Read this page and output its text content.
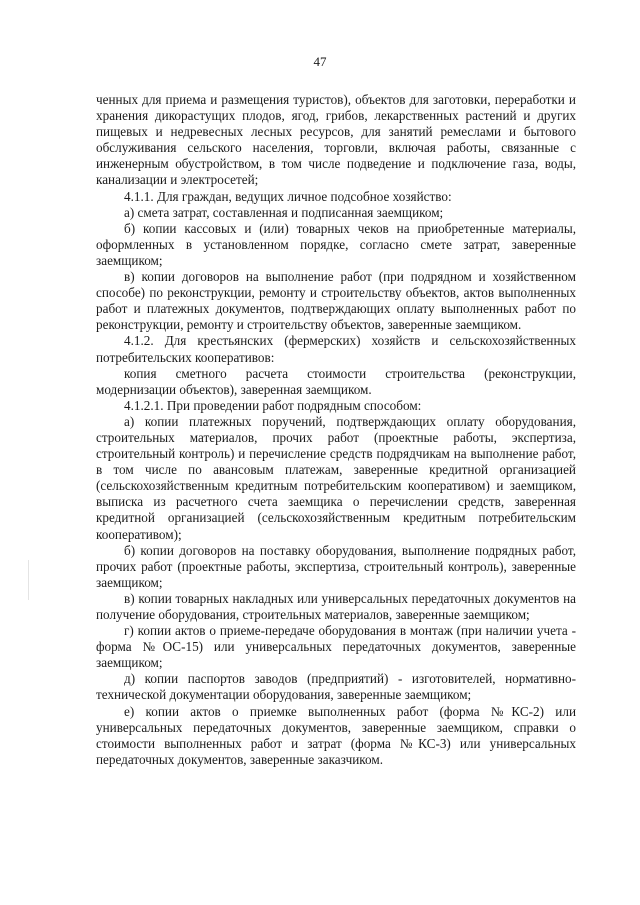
47

ченных для приема и размещения туристов), объектов для заготовки, переработки и хранения дикорастущих плодов, ягод, грибов, лекарственных растений и других пищевых и недревесных лесных ресурсов, для занятий ремеслами и бытового обслуживания сельского населения, торговли, включая работы, связанные с инженерным обустройством, в том числе подведение и подключение газа, воды, канализации и электросетей;

4.1.1. Для граждан, ведущих личное подсобное хозяйство:

а) смета затрат, составленная и подписанная заемщиком;

б) копии кассовых и (или) товарных чеков на приобретенные материалы, оформленных в установленном порядке, согласно смете затрат, заверенные заемщиком;

в) копии договоров на выполнение работ (при подрядном и хозяйственном способе) по реконструкции, ремонту и строительству объектов, актов выполненных работ и платежных документов, подтверждающих оплату выполненных работ по реконструкции, ремонту и строительству объектов, заверенные заемщиком.

4.1.2. Для крестьянских (фермерских) хозяйств и сельскохозяйственных потребительских кооперативов:

копия сметного расчета стоимости строительства (реконструкции, модернизации объектов), заверенная заемщиком.

4.1.2.1. При проведении работ подрядным способом:

а) копии платежных поручений, подтверждающих оплату оборудования, строительных материалов, прочих работ (проектные работы, экспертиза, строительный контроль) и перечисление средств подрядчикам на выполнение работ, в том числе по авансовым платежам, заверенные кредитной организацией (сельскохозяйственным кредитным потребительским кооперативом) и заемщиком, выписка из расчетного счета заемщика о перечислении средств, заверенная кредитной организацией (сельскохозяйственным кредитным потребительским кооперативом);

б) копии договоров на поставку оборудования, выполнение подрядных работ, прочих работ (проектные работы, экспертиза, строительный контроль), заверенные заемщиком;

в) копии товарных накладных или универсальных передаточных документов на получение оборудования, строительных материалов, заверенные заемщиком;

г) копии актов о приеме-передаче оборудования в монтаж (при наличии учета - форма №ОС-15) или универсальных передаточных документов, заверенные заемщиком;

д) копии паспортов заводов (предприятий) - изготовителей, нормативно-технической документации оборудования, заверенные заемщиком;

е) копии актов о приемке выполненных работ (форма №КС-2) или универсальных передаточных документов, заверенные заемщиком, справки о стоимости выполненных работ и затрат (форма №КС-3) или универсальных передаточных документов, заверенные заказчиком.
